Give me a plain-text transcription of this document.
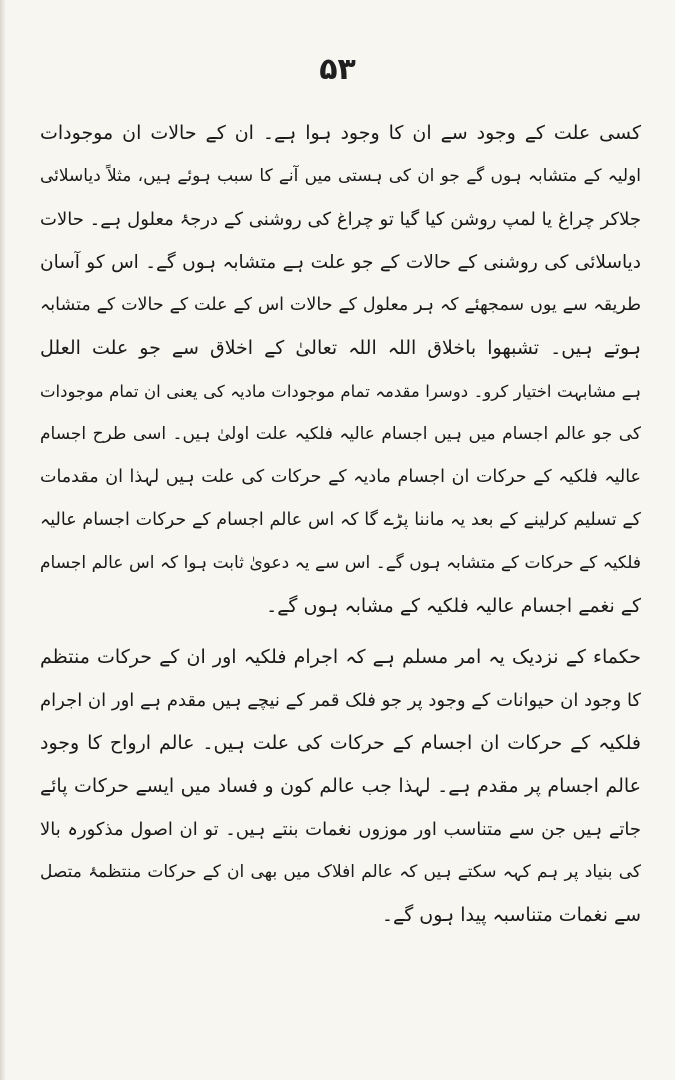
۵۳
کسی علت کے وجود سے ان کا وجود ہوا ہے۔ ان کے حالات ان موجودات
اولیہ کے متشابہ ہوں گے جو ان کی ہستی میں آنے کا سبب ہوئے ہیں، مثلاً دیاسلائی
جلاکر چراغ یا لمپ روشن کیا گیا تو چراغ کی روشنی کے درجۂ معلول ہے۔ حالات
دیاسلائی کی روشنی کے حالات کے جو علت ہے متشابہ ہوں گے۔ اس کو آسان
طریقہ سے یوں سمجھئے کہ ہر معلول کے حالات اس کے علت کے حالات کے متشابہ
ہوتے ہیں۔ تشبھوا باخلاق اللہ اللہ تعالیٰ کے اخلاق سے جو علت العلل
ہے مشابہت اختیار کرو۔ دوسرا مقدمہ تمام موجودات مادیہ کی یعنی ان تمام موجودات
کی جو عالم اجسام میں ہیں اجسام عالیہ فلکیہ علت اولیٰ ہیں۔ اسی طرح اجسام
عالیہ فلکیہ کے حرکات ان اجسام مادیہ کے حرکات کی علت ہیں لہذا ان مقدمات
کے تسلیم کرلینے کے بعد یہ ماننا پڑے گا کہ اس عالم اجسام کے حرکات اجسام عالیہ
فلکیہ کے حرکات کے متشابہ ہوں گے۔ اس سے یہ دعویٰ ثابت ہوا کہ اس عالم اجسام
کے نغمے اجسام عالیہ فلکیہ کے مشابہ ہوں گے۔
حکماء کے نزدیک یہ امر مسلم ہے کہ اجرام فلکیہ اور ان کے حرکات منتظم
کا وجود ان حیوانات کے وجود پر جو فلک قمر کے نیچے ہیں مقدم ہے اور ان اجرام
فلکیہ کے حرکات ان اجسام کے حرکات کی علت ہیں۔ عالم ارواح کا وجود
عالم اجسام پر مقدم ہے۔ لہذا جب عالم کون و فساد میں ایسے حرکات پائے
جاتے ہیں جن سے متناسب اور موزوں نغمات بنتے ہیں۔ تو ان اصول مذکورہ بالا
کی بنیاد پر ہم کہہ سکتے ہیں کہ عالم افلاک میں بھی ان کے حرکات منتظمۂ متصل
سے نغمات متناسبہ پیدا ہوں گے۔
